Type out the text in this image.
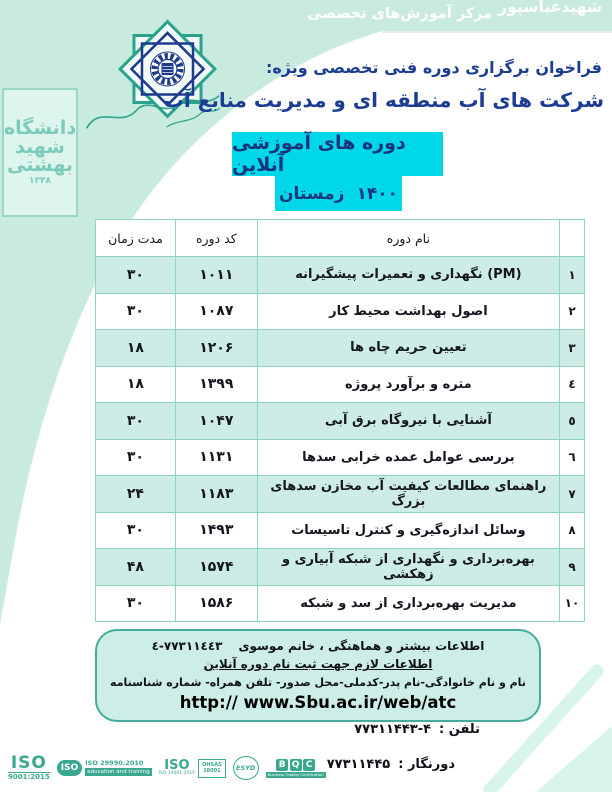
مرکز آموزش‌های تخصصی شهیدعباسپور
دانشگاه
شهید
بهشتی
۱۳۳۸
فراخوان برگزاری دوره فنی تخصصی ویژه:
شرکت های آب منطقه ای و مدیریت منابع آب
دوره های آموزشی آنلاین
زمستان ۱۴۰۰
	نام دوره	کد دوره	مدت زمان
۱	نگهداری و تعمیرات پیشگیرانه (PM)	۱۰۱۱	۳۰
۲	اصول بهداشت محیط کار	۱۰۸۷	۳۰
۳	تعیین حریم چاه ها	۱۲۰۶	۱۸
٤	متره و برآورد پروژه	۱۳۹۹	۱۸
٥	آشنایی با نیروگاه برق آبی	۱۰۴۷	۳۰
٦	بررسی عوامل عمده خرابی سدها	۱۱۳۱	۳۰
۷	راهنمای مطالعات کیفیت آب مخازن سدهای بزرگ	۱۱۸۳	۲۴
۸	وسائل اندازه‌گیری و کنترل تاسیسات	۱۴۹۳	۳۰
۹	بهره‌برداری و نگهداری از شبکه آبیاری و زهکشی	۱۵۷۴	۴۸
۱۰	مدیریت بهره‌برداری از سد و شبکه	۱۵۸۶	۳۰
اطلاعات بیشتر و هماهنگی ، خانم موسوی
٧٧٣١١٤٤٣-٤
اطلاعات لازم جهت ثبت نام دوره آنلاین
نام و نام خانوادگی-نام پدر-کدملی-محل صدور- تلفن همراه- شماره شناسنامه
http:// www.Sbu.ac.ir/web/atc
تلفن :
۷۷۳۱۱۴۴۳-۴
دورنگار :
۷۷۳۱۱۴۴۵
ISO
9001:2015
ISO	ISO 29990:2010
education and training	ISO
ISO 14001:2015
OHSAS
18001 ESYD	B Q C
Business Quality Certification
